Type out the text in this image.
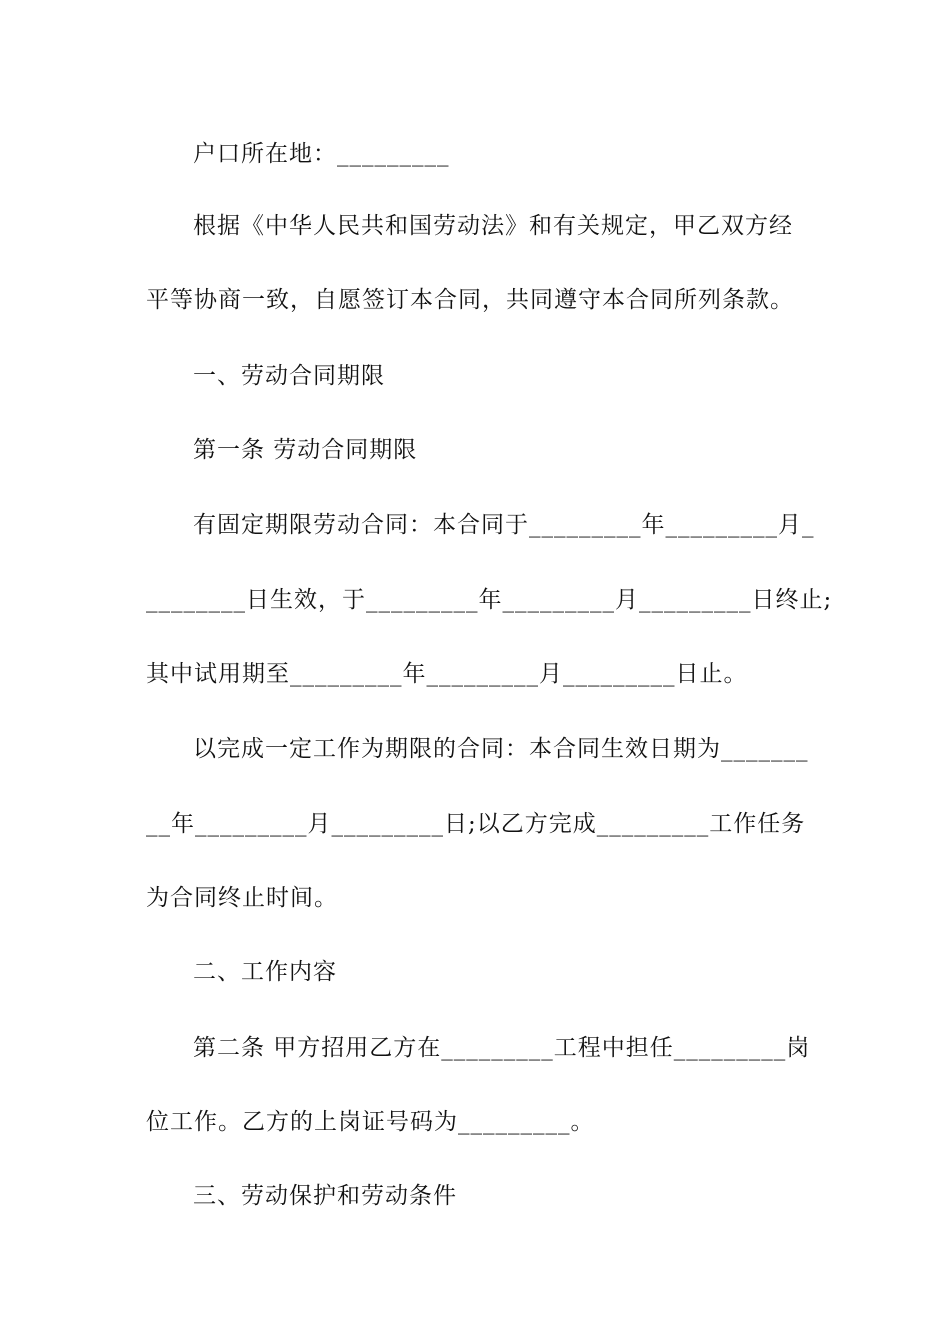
户口所在地：_________
根据《中华人民共和国劳动法》和有关规定，甲乙双方经
平等协商一致，自愿签订本合同，共同遵守本合同所列条款。
一、劳动合同期限
第一条 劳动合同期限
有固定期限劳动合同：本合同于_________年_________月_
________日生效，于_________年_________月_________日终止;
其中试用期至_________年_________月_________日止。
以完成一定工作为期限的合同：本合同生效日期为_______
__年_________月_________日;以乙方完成_________工作任务
为合同终止时间。
二、工作内容
第二条 甲方招用乙方在_________工程中担任_________岗
位工作。乙方的上岗证号码为_________。
三、劳动保护和劳动条件
